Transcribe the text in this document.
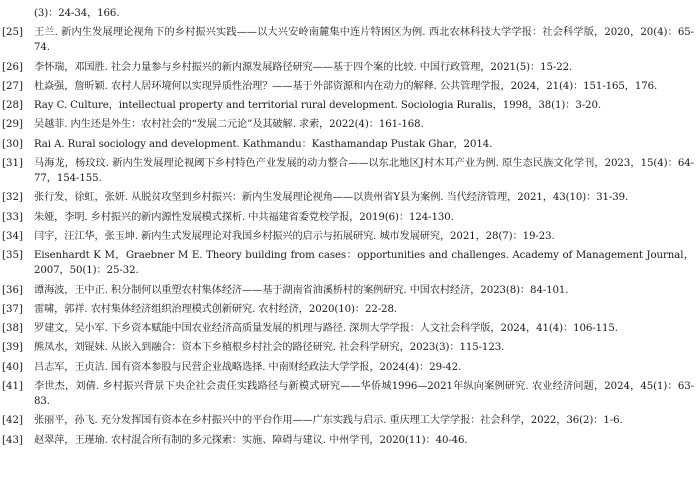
(3)：24-34，166.
[25]	王兰. 新内生发展理论视角下的乡村振兴实践——以大兴安岭南麓集中连片特困区为例. 西北农林科技大学学报：社会科学版，2020，20(4)：65-74.
[26]	李怀瑞，邓国胜. 社会力量参与乡村振兴的新内源发展路径研究——基于四个案的比较. 中国行政管理，2021(5)：15-22.
[27]	杜焱强，詹昕颖. 农村人居环境何以实现异质性治理？——基于外部资源和内在动力的解释. 公共管理学报，2024，21(4)：151-165，176.
[28]	Ray C. Culture，intellectual property and territorial rural development. Sociologia Ruralis，1998，38(1)：3-20.
[29]	吴越菲. 内生还是外生：农村社会的“发展二元论”及其破解. 求索，2022(4)：161-168.
[30]	Rai A. Rural sociology and development. Kathmandu：Kasthamandap Pustak Ghar，2014.
[31]	马海龙，杨玟玟. 新内生发展理论视阈下乡村特色产业发展的动力整合——以东北地区J村木耳产业为例. 原生态民族文化学刊，2023，15(4)：64-77，154-155.
[32]	张行发，徐虹，张妍. 从脱贫攻坚到乡村振兴：新内生发展理论视角——以贵州省Y县为案例. 当代经济管理，2021，43(10)：31-39.
[33]	朱娅，李明. 乡村振兴的新内源性发展模式探析. 中共福建省委党校学报，2019(6)：124-130.
[34]	闫宇，汪江华，张玉坤. 新内生式发展理论对我国乡村振兴的启示与拓展研究. 城市发展研究，2021，28(7)：19-23.
[35]	Eisenhardt K M，Graebner M E. Theory building from cases：opportunities and challenges. Academy of Management Journal，2007，50(1)：25-32.
[36]	谭海波，王中正. 积分制何以重塑农村集体经济——基于湖南省油溪桥村的案例研究. 中国农村经济，2023(8)：84-101.
[37]	雷啸，郭祥. 农村集体经济组织治理模式创新研究. 农村经济，2020(10)：22-28.
[38]	罗建文，吴小军. 下乡资本赋能中国农业经济高质量发展的机理与路径. 深圳大学学报：人文社会科学版，2024，41(4)：106-115.
[39]	熊凤水，刘锟妹. 从嵌入到融合：资本下乡植根乡村社会的路径研究. 社会科学研究，2023(3)：115-123.
[40]	吕志军，王贞洁. 国有资本参股与民营企业战略选择. 中南财经政法大学学报，2024(4)：29-42.
[41]	李世杰，刘倩. 乡村振兴背景下央企社会责任实践路径与新模式研究——华侨城1996—2021年纵向案例研究. 农业经济问题，2024，45(1)：63-83.
[42]	张丽平，孙飞. 充分发挥国有资本在乡村振兴中的平台作用——广东实践与启示. 重庆理工大学学报：社会科学，2022，36(2)：1-6.
[43]	赵翠萍，王瑾瑜. 农村混合所有制的多元探索：实施、障碍与建议. 中州学刊，2020(11)：40-46.
